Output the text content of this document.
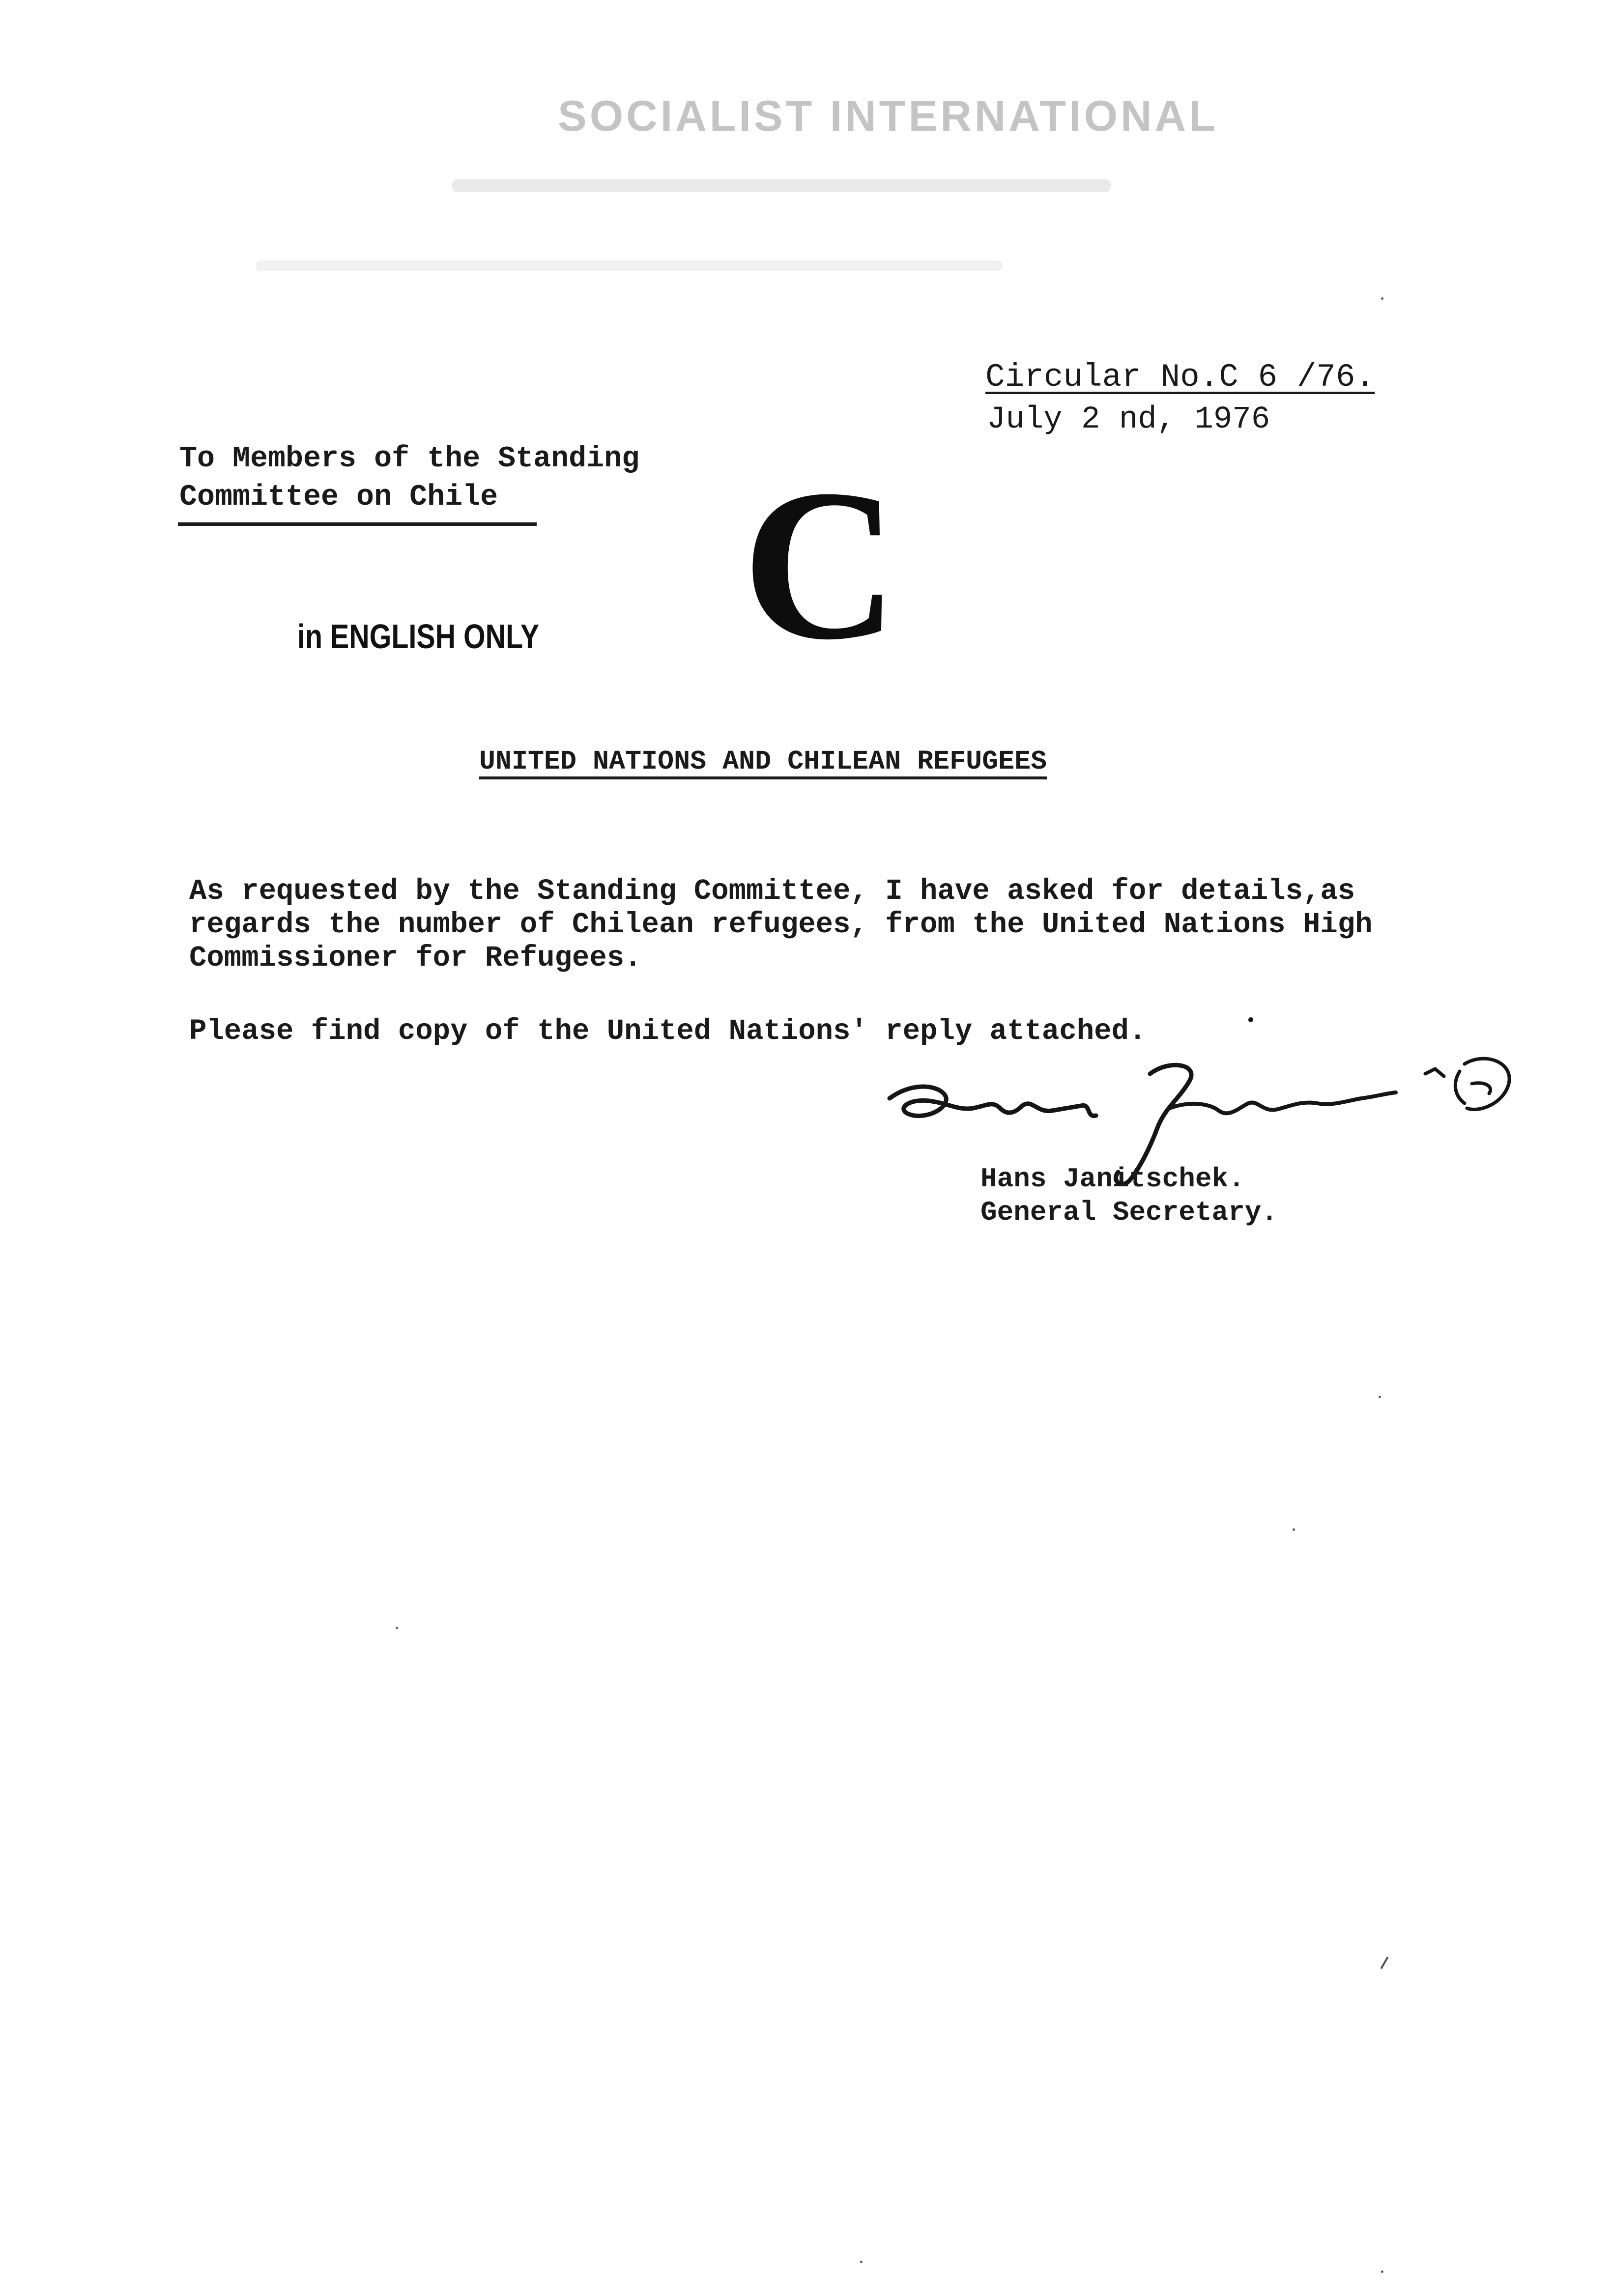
SOCIALIST INTERNATIONAL
Circular No.C 6 /76.
July 2 nd, 1976
To Members of the Standing
Committee on Chile	C
in ENGLISH ONLY
UNITED NATIONS AND CHILEAN REFUGEES
As requested by the Standing Committee, I have asked for details,as
regards the number of Chilean refugees, from the United Nations High
Commissioner for Refugees.
Please find copy of the United Nations' reply attached.
Hans Janitschek.
General Secretary.
